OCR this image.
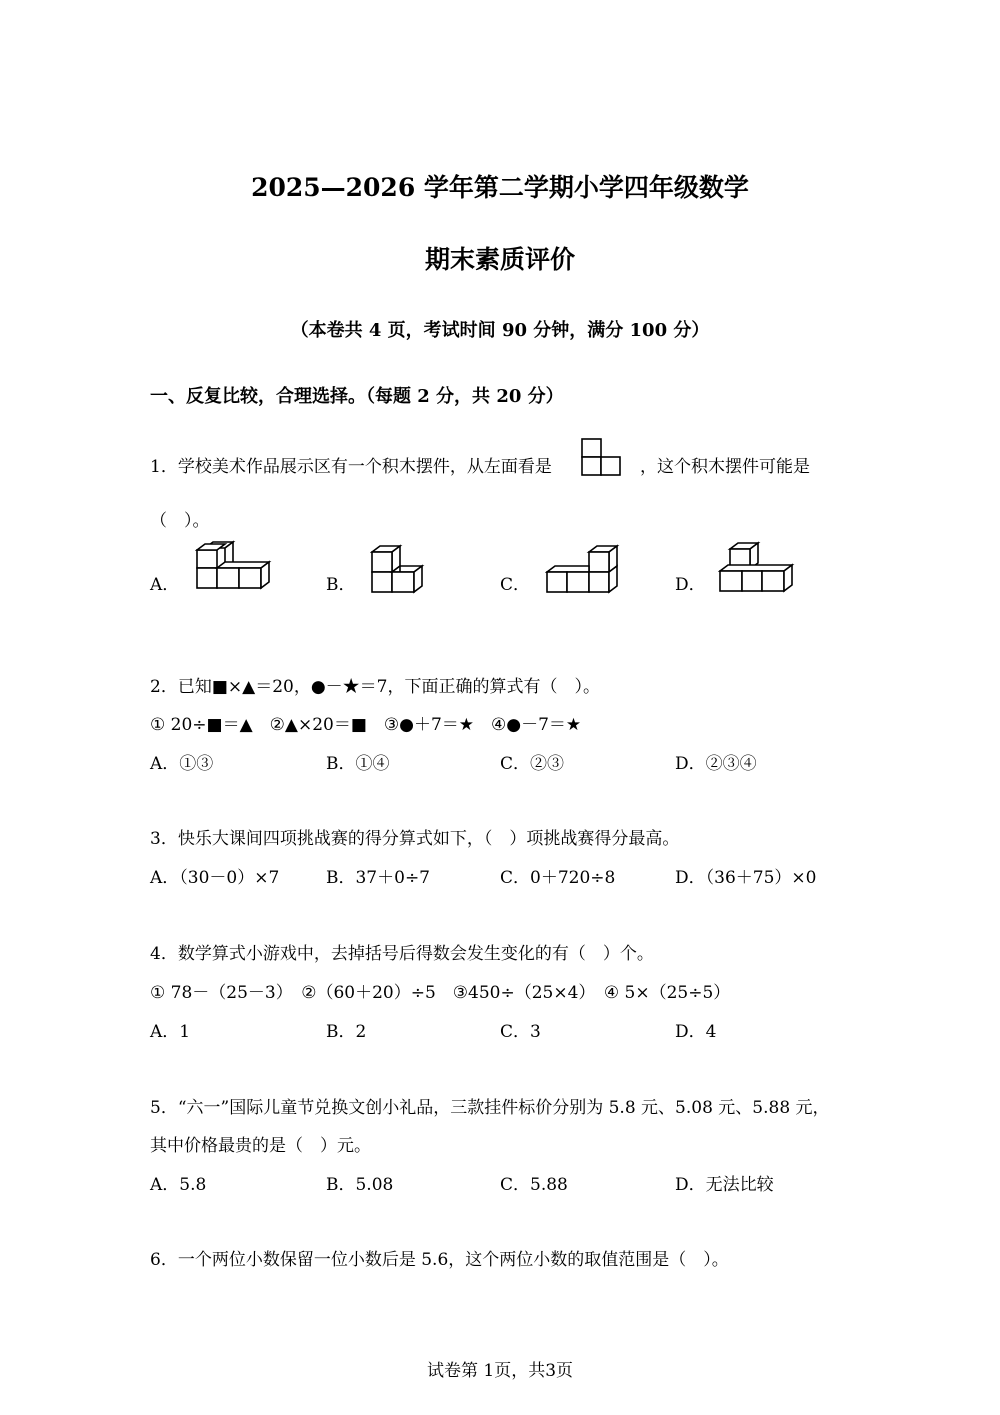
2025—2026 学年第二学期小学四年级数学
期末素质评价
（本卷共 4 页，考试时间 90 分钟，满分 100 分）
一、反复比较，合理选择。（每题 2 分，共 20 分）
1．学校美术作品展示区有一个积木摆件，从左面看是	，这个积木摆件可能是
（　）。
A．	B．	C．	D．
2．已知■×▲＝20，●－★＝7，下面正确的算式有（　）。
① 20÷■＝▲　②▲×20＝■　③●＋7＝★　④●－7＝★
A．①③	B．①④	C．②③	D．②③④
3．快乐大课间四项挑战赛的得分算式如下，（　）项挑战赛得分最高。
A．（30－0）×7	B．37＋0÷7	C．0＋720÷8	D．（36＋75）×0
4．数学算式小游戏中，去掉括号后得数会发生变化的有（　）个。
① 78－（25－3）　②（60＋20）÷5　③450÷（25×4）　④ 5×（25÷5）
A．1	B．2	C．3	D．4
5．“六一”国际儿童节兑换文创小礼品，三款挂件标价分别为 5.8 元、5.08 元、5.88 元，
其中价格最贵的是（　）元。
A．5.8	B．5.08	C．5.88	D．无法比较
6．一个两位小数保留一位小数后是 5.6，这个两位小数的取值范围是（　）。
试卷第 1页，共3页
